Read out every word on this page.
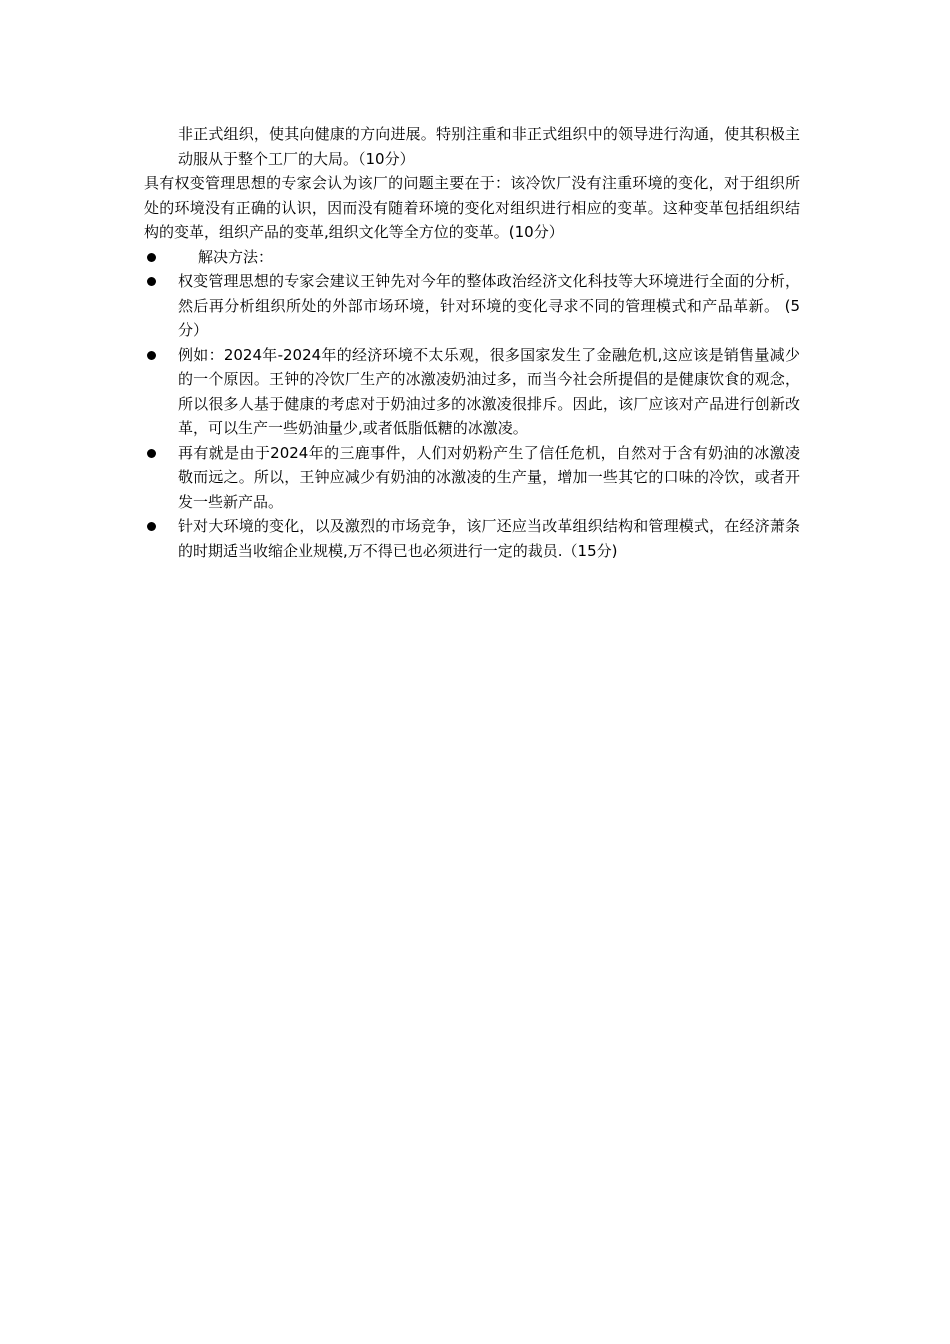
非正式组织，使其向健康的方向进展。特别注重和非正式组织中的领导进行沟通，使其积极主动服从于整个工厂的大局。（10分）

具有权变管理思想的专家会认为该厂的问题主要在于：该冷饮厂没有注重环境的变化，对于组织所处的环境没有正确的认识，因而没有随着环境的变化对组织进行相应的变革。这种变革包括组织结构的变革，组织产品的变革,组织文化等全方位的变革。(10分）

解决方法：
权变管理思想的专家会建议王钟先对今年的整体政治经济文化科技等大环境进行全面的分析，然后再分析组织所处的外部市场环境，针对环境的变化寻求不同的管理模式和产品革新。 (5分）
例如：2024年-2024年的经济环境不太乐观，很多国家发生了金融危机,这应该是销售量减少的一个原因。王钟的冷饮厂生产的冰激凌奶油过多，而当今社会所提倡的是健康饮食的观念，所以很多人基于健康的考虑对于奶油过多的冰激凌很排斥。因此，该厂应该对产品进行创新改革，可以生产一些奶油量少,或者低脂低糖的冰激凌。
再有就是由于2024年的三鹿事件，人们对奶粉产生了信任危机，自然对于含有奶油的冰激凌敬而远之。所以，王钟应减少有奶油的冰激凌的生产量，增加一些其它的口味的冷饮，或者开发一些新产品。
针对大环境的变化，以及激烈的市场竞争，该厂还应当改革组织结构和管理模式，在经济萧条的时期适当收缩企业规模,万不得已也必须进行一定的裁员.（15分)
